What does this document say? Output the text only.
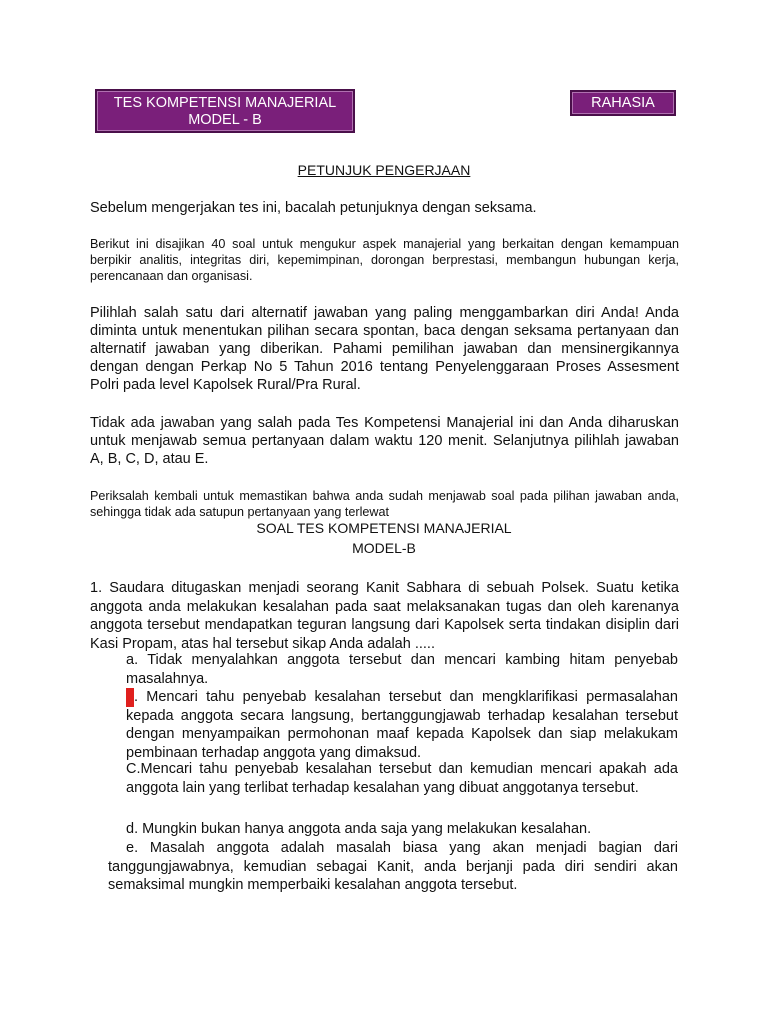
TES KOMPETENSI MANAJERIAL
MODEL - B
RAHASIA
PETUNJUK PENGERJAAN
Sebelum mengerjakan tes ini, bacalah petunjuknya dengan seksama.
Berikut ini disajikan 40 soal untuk mengukur aspek manajerial yang berkaitan dengan kemampuan berpikir analitis, integritas diri, kepemimpinan, dorongan berprestasi, membangun hubungan kerja, perencanaan dan organisasi.
Pilihlah salah satu dari alternatif jawaban yang paling menggambarkan diri Anda! Anda diminta untuk menentukan pilihan secara spontan, baca dengan seksama pertanyaan dan alternatif jawaban yang diberikan. Pahami pemilihan jawaban dan mensinergikannya dengan dengan Perkap No 5 Tahun 2016 tentang Penyelenggaraan Proses Assesment Polri pada level Kapolsek Rural/Pra Rural.
Tidak ada jawaban yang salah pada Tes Kompetensi Manajerial ini dan Anda diharuskan untuk menjawab semua pertanyaan dalam waktu 120 menit. Selanjutnya pilihlah jawaban A, B, C, D, atau E.
Periksalah kembali untuk memastikan bahwa anda sudah menjawab soal pada pilihan jawaban anda, sehingga tidak ada satupun pertanyaan yang terlewat
SOAL TES KOMPETENSI MANAJERIAL
MODEL-B
1. Saudara ditugaskan menjadi seorang Kanit Sabhara di sebuah Polsek. Suatu ketika anggota anda melakukan kesalahan pada saat melaksanakan tugas dan oleh karenanya anggota tersebut mendapatkan teguran langsung dari Kapolsek serta tindakan disiplin dari Kasi Propam, atas hal tersebut sikap Anda adalah .....
a. Tidak menyalahkan anggota tersebut dan mencari kambing hitam penyebab masalahnya.
b. Mencari tahu penyebab kesalahan tersebut dan mengklarifikasi permasalahan kepada anggota secara langsung, bertanggungjawab terhadap kesalahan tersebut dengan menyampaikan permohonan maaf kepada Kapolsek dan siap melakukam pembinaan terhadap anggota yang dimaksud.
C.Mencari tahu penyebab kesalahan tersebut dan kemudian mencari apakah ada anggota lain yang terlibat terhadap kesalahan yang dibuat anggotanya tersebut.
d. Mungkin bukan hanya anggota anda saja yang melakukan kesalahan.
e. Masalah anggota adalah masalah biasa yang akan menjadi bagian dari tanggungjawabnya, kemudian sebagai Kanit, anda berjanji pada diri sendiri akan semaksimal mungkin memperbaiki kesalahan anggota tersebut.
